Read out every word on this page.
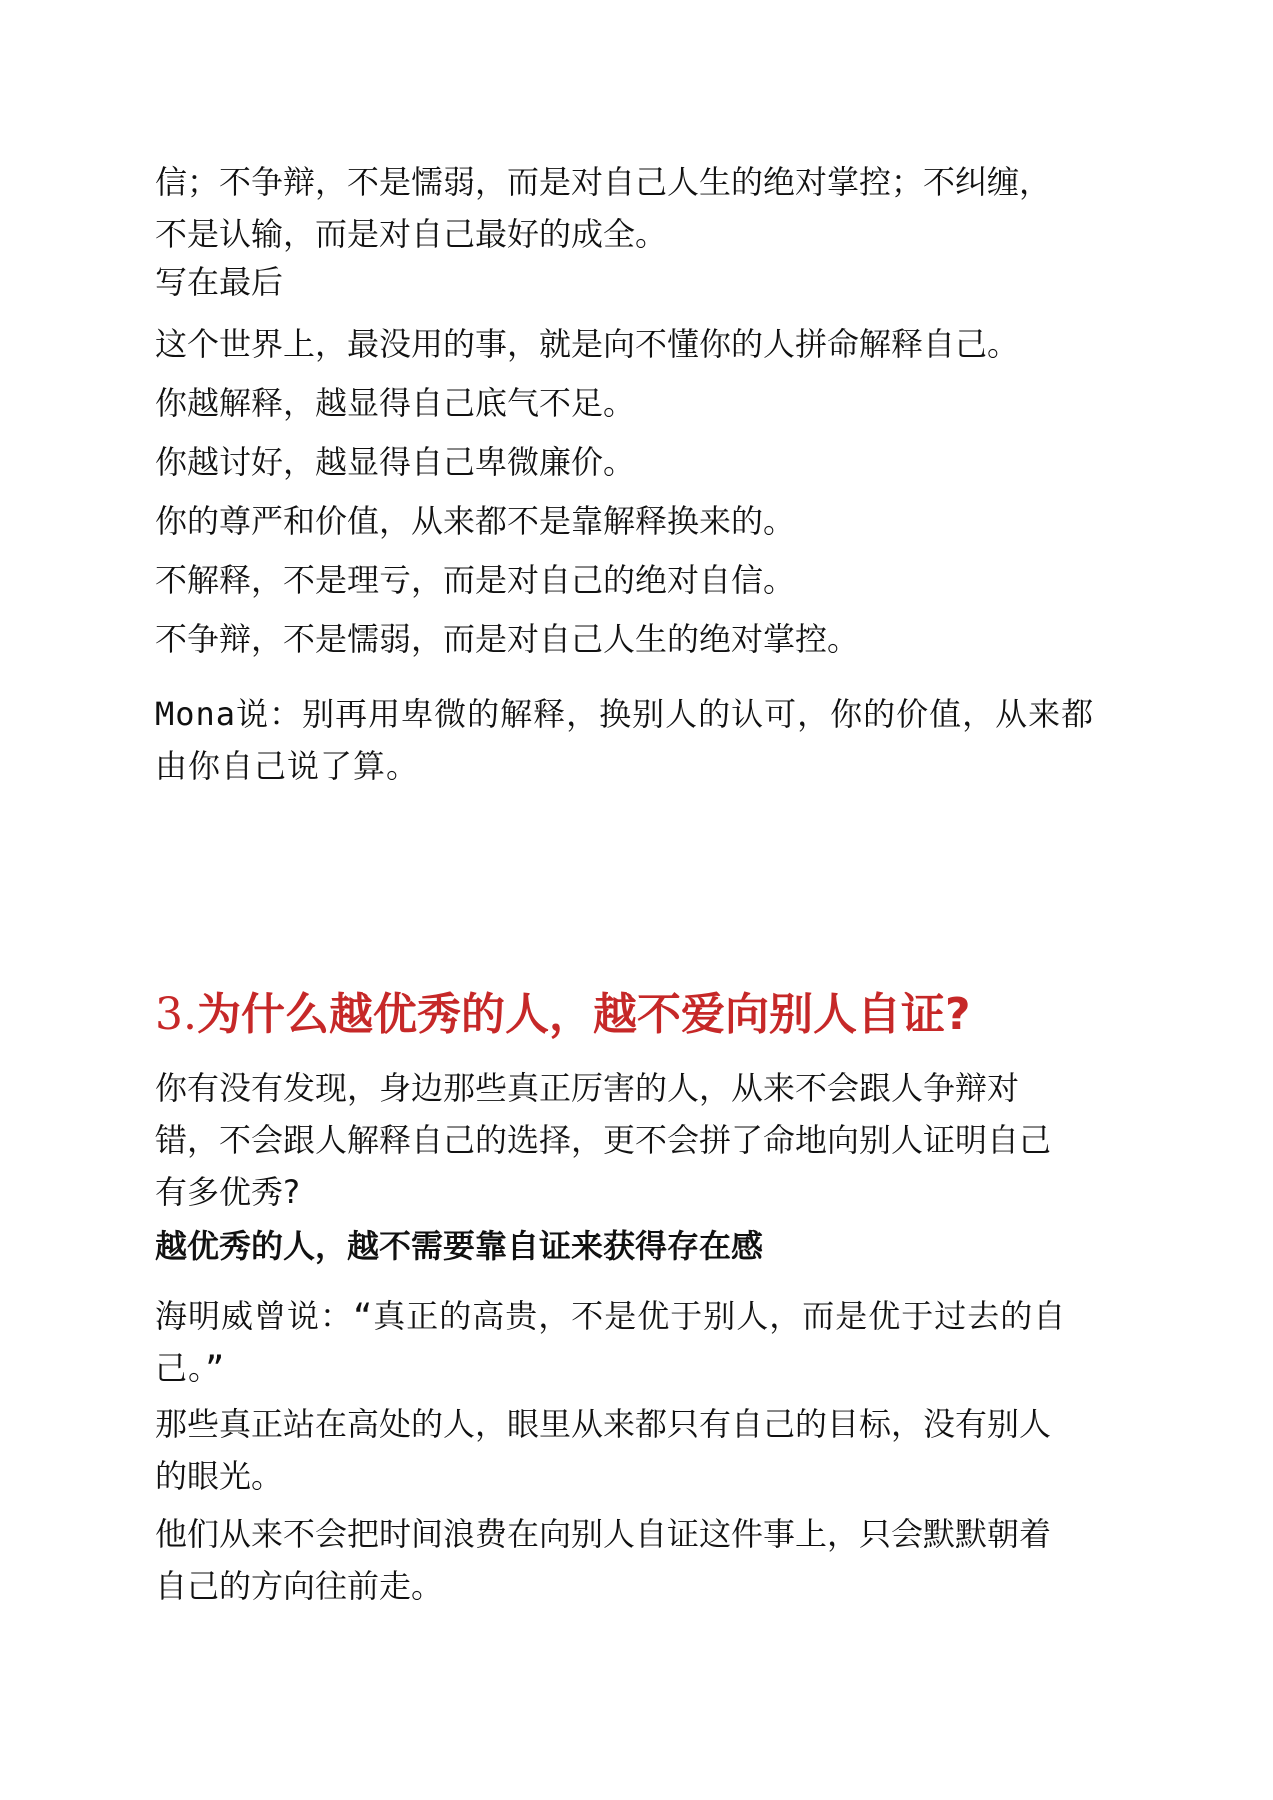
信；不争辩，不是懦弱，而是对自己人生的绝对掌控；不纠缠，
不是认输，而是对自己最好的成全。

写在最后

这个世界上，最没用的事，就是向不懂你的人拼命解释自己。

你越解释，越显得自己底气不足。

你越讨好，越显得自己卑微廉价。

你的尊严和价值，从来都不是靠解释换来的。

不解释，不是理亏，而是对自己的绝对自信。

不争辩，不是懦弱，而是对自己人生的绝对掌控。

Mona说：别再用卑微的解释，换别人的认可，你的价值，从来都
由你自己说了算。

3.为什么越优秀的人，越不爱向别人自证?

你有没有发现，身边那些真正厉害的人，从来不会跟人争辩对
错，不会跟人解释自己的选择，更不会拼了命地向别人证明自己
有多优秀?

越优秀的人，越不需要靠自证来获得存在感

海明威曾说：“真正的高贵，不是优于别人，而是优于过去的自
己。”

那些真正站在高处的人，眼里从来都只有自己的目标，没有别人
的眼光。

他们从来不会把时间浪费在向别人自证这件事上，只会默默朝着
自己的方向往前走。
